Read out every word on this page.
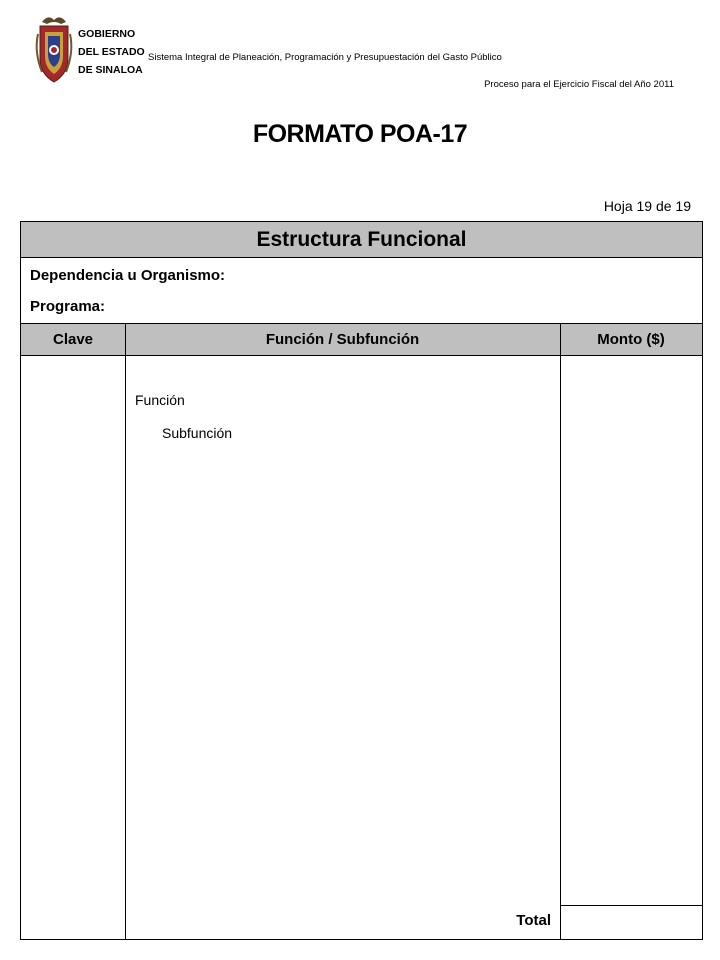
GOBIERNO
DEL ESTADO
DE SINALOA
Sistema Integral de Planeación, Programación y Presupuestación del Gasto Público
Proceso para el Ejercicio Fiscal del Año 2011
FORMATO POA-17
Hoja 19 de 19
Estructura Funcional
Dependencia u Organismo:
Programa:
Clave	Función / Subfunción	Monto ($)
Función
Subfunción
Total
